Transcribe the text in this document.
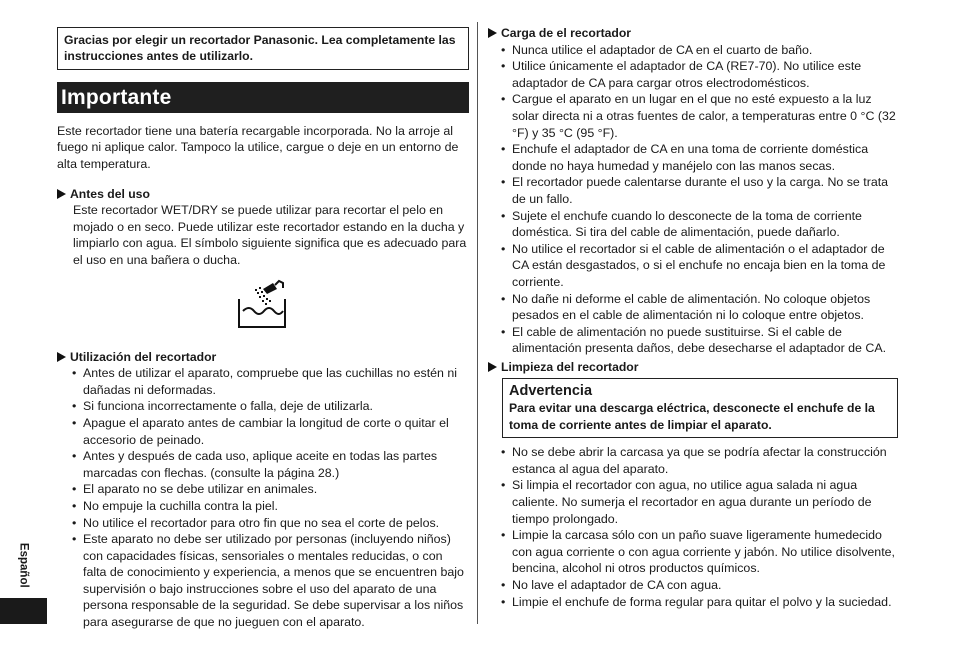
Gracias por elegir un recortador Panasonic. Lea completamente las instrucciones antes de utilizarlo.
Importante

Este recortador tiene una batería recargable incorporada. No la arroje al fuego ni aplique calor. Tampoco la utilice, cargue o deje en un entorno de alta temperatura.

Antes del uso

Este recortador WET/DRY se puede utilizar para recortar el pelo en mojado o en seco. Puede utilizar este recortador estando en la ducha y limpiarlo con agua. El símbolo siguiente significa que es adecuado para el uso en una bañera o ducha.

Utilización del recortador
• Antes de utilizar el aparato, compruebe que las cuchillas no estén ni dañadas ni deformadas.
• Si funciona incorrectamente o falla, deje de utilizarla.
• Apague el aparato antes de cambiar la longitud de corte o quitar el accesorio de peinado.
• Antes y después de cada uso, aplique aceite en todas las partes marcadas con flechas. (consulte la página 28.)
• El aparato no se debe utilizar en animales.
• No empuje la cuchilla contra la piel.
• No utilice el recortador para otro fin que no sea el corte de pelos.
• Este aparato no debe ser utilizado por personas (incluyendo niños) con capacidades físicas, sensoriales o mentales reducidas, o con falta de conocimiento y experiencia, a menos que se encuentren bajo supervisión o bajo instrucciones sobre el uso del aparato de una persona responsable de la seguridad. Se debe supervisar a los niños para asegurarse de que no jueguen con el aparato.
Carga de el recortador
• Nunca utilice el adaptador de CA en el cuarto de baño.
• Utilice únicamente el adaptador de CA (RE7-70). No utilice este adaptador de CA para cargar otros electrodomésticos.
• Cargue el aparato en un lugar en el que no esté expuesto a la luz solar directa ni a otras fuentes de calor, a temperaturas entre 0 °C (32 °F) y 35 °C (95 °F).
• Enchufe el adaptador de CA en una toma de corriente doméstica donde no haya humedad y manéjelo con las manos secas.
• El recortador puede calentarse durante el uso y la carga. No se trata de un fallo.
• Sujete el enchufe cuando lo desconecte de la toma de corriente doméstica. Si tira del cable de alimentación, puede dañarlo.
• No utilice el recortador si el cable de alimentación o el adaptador de CA están desgastados, o si el enchufe no encaja bien en la toma de corriente.
• No dañe ni deforme el cable de alimentación. No coloque objetos pesados en el cable de alimentación ni lo coloque entre objetos.
• El cable de alimentación no puede sustituirse. Si el cable de alimentación presenta daños, debe desecharse el adaptador de CA.
Limpieza del recortador
Advertencia
Para evitar una descarga eléctrica, desconecte el enchufe de la toma de corriente antes de limpiar el aparato.
• No se debe abrir la carcasa ya que se podría afectar la construcción estanca al agua del aparato.
• Si limpia el recortador con agua, no utilice agua salada ni agua caliente. No sumerja el recortador en agua durante un período de tiempo prolongado.
• Limpie la carcasa sólo con un paño suave ligeramente humedecido con agua corriente o con agua corriente y jabón. No utilice disolvente, bencina, alcohol ni otros productos químicos.
• No lave el adaptador de CA con agua.
• Limpie el enchufe de forma regular para quitar el polvo y la suciedad.
Español
